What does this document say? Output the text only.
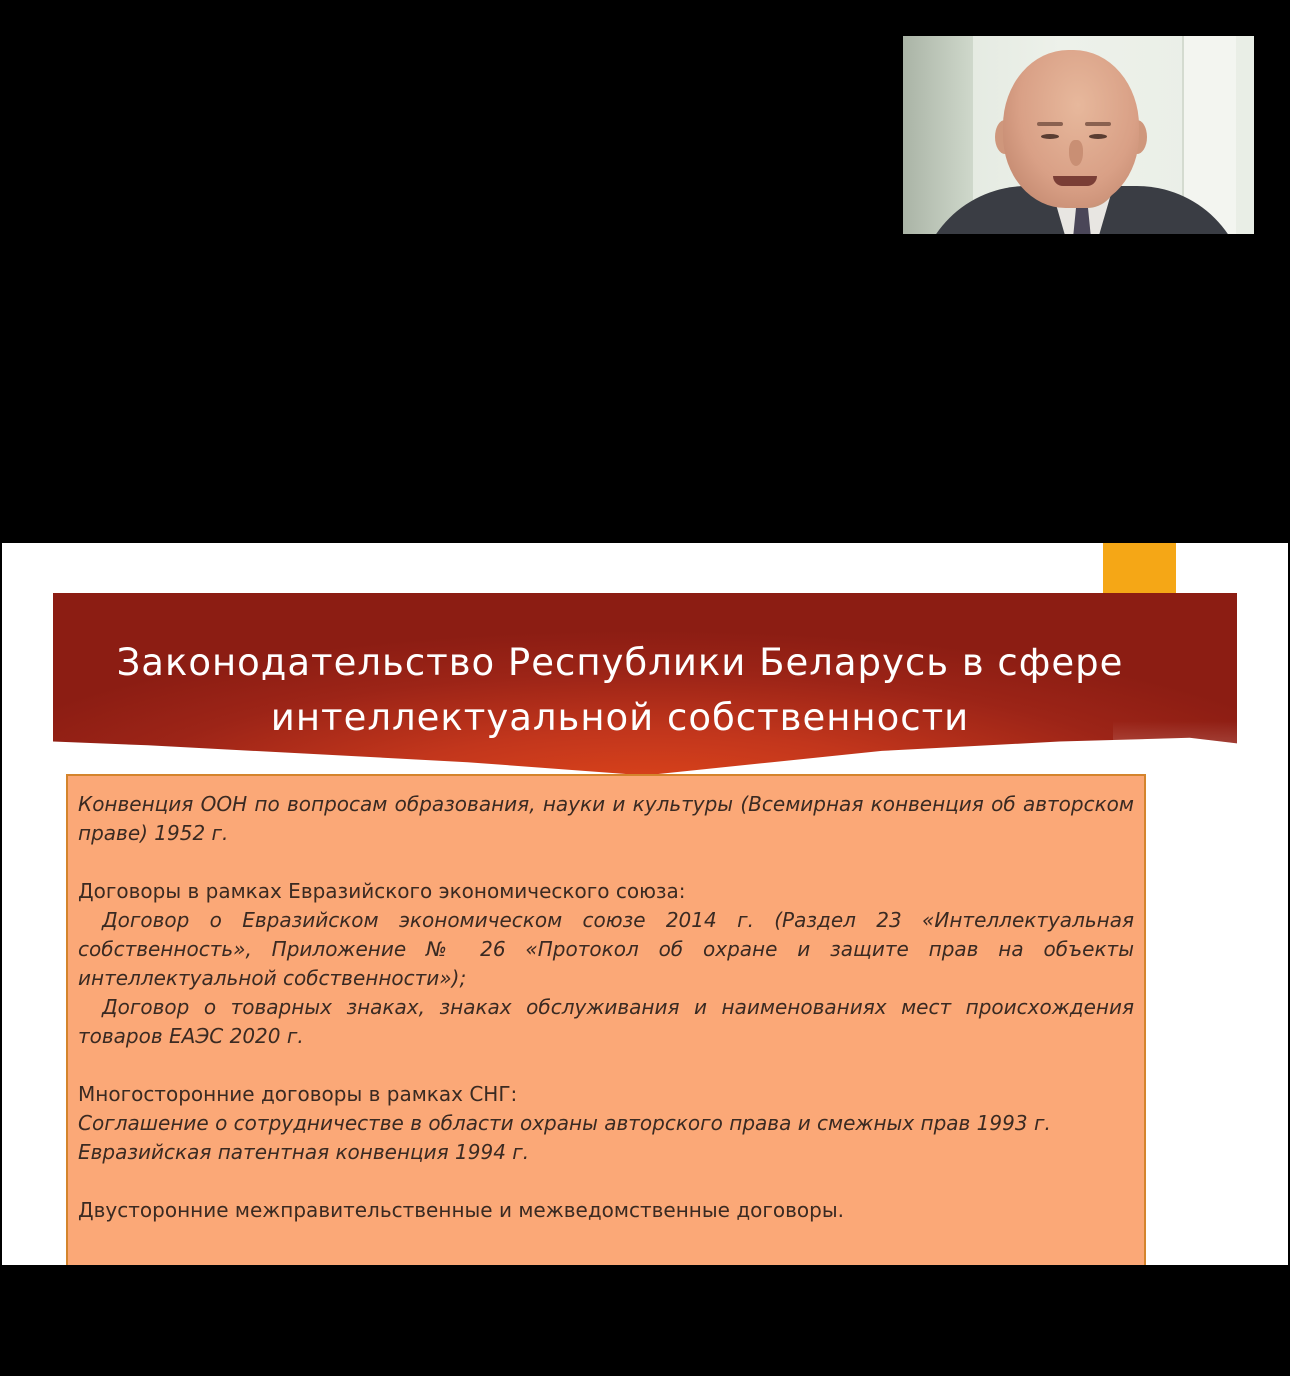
Законодательство Республики Беларусь в сфере интеллектуальной собственности

Конвенция ООН по вопросам образования, науки и культуры (Всемирная конвенция об авторском праве) 1952 г.

Договоры в рамках Евразийского экономического союза:

Договор о Евразийском экономическом союзе 2014 г. (Раздел 23 «Интеллектуальная собственность», Приложение № 26 «Протокол об охране и защите прав на объекты интеллектуальной собственности»);

Договор о товарных знаках, знаках обслуживания и наименованиях мест происхождения товаров ЕАЭС 2020 г.

Многосторонние договоры в рамках СНГ:

Соглашение о сотрудничестве в области охраны авторского права и смежных прав 1993 г.

Евразийская патентная конвенция 1994 г.

Двусторонние межправительственные и межведомственные договоры.
